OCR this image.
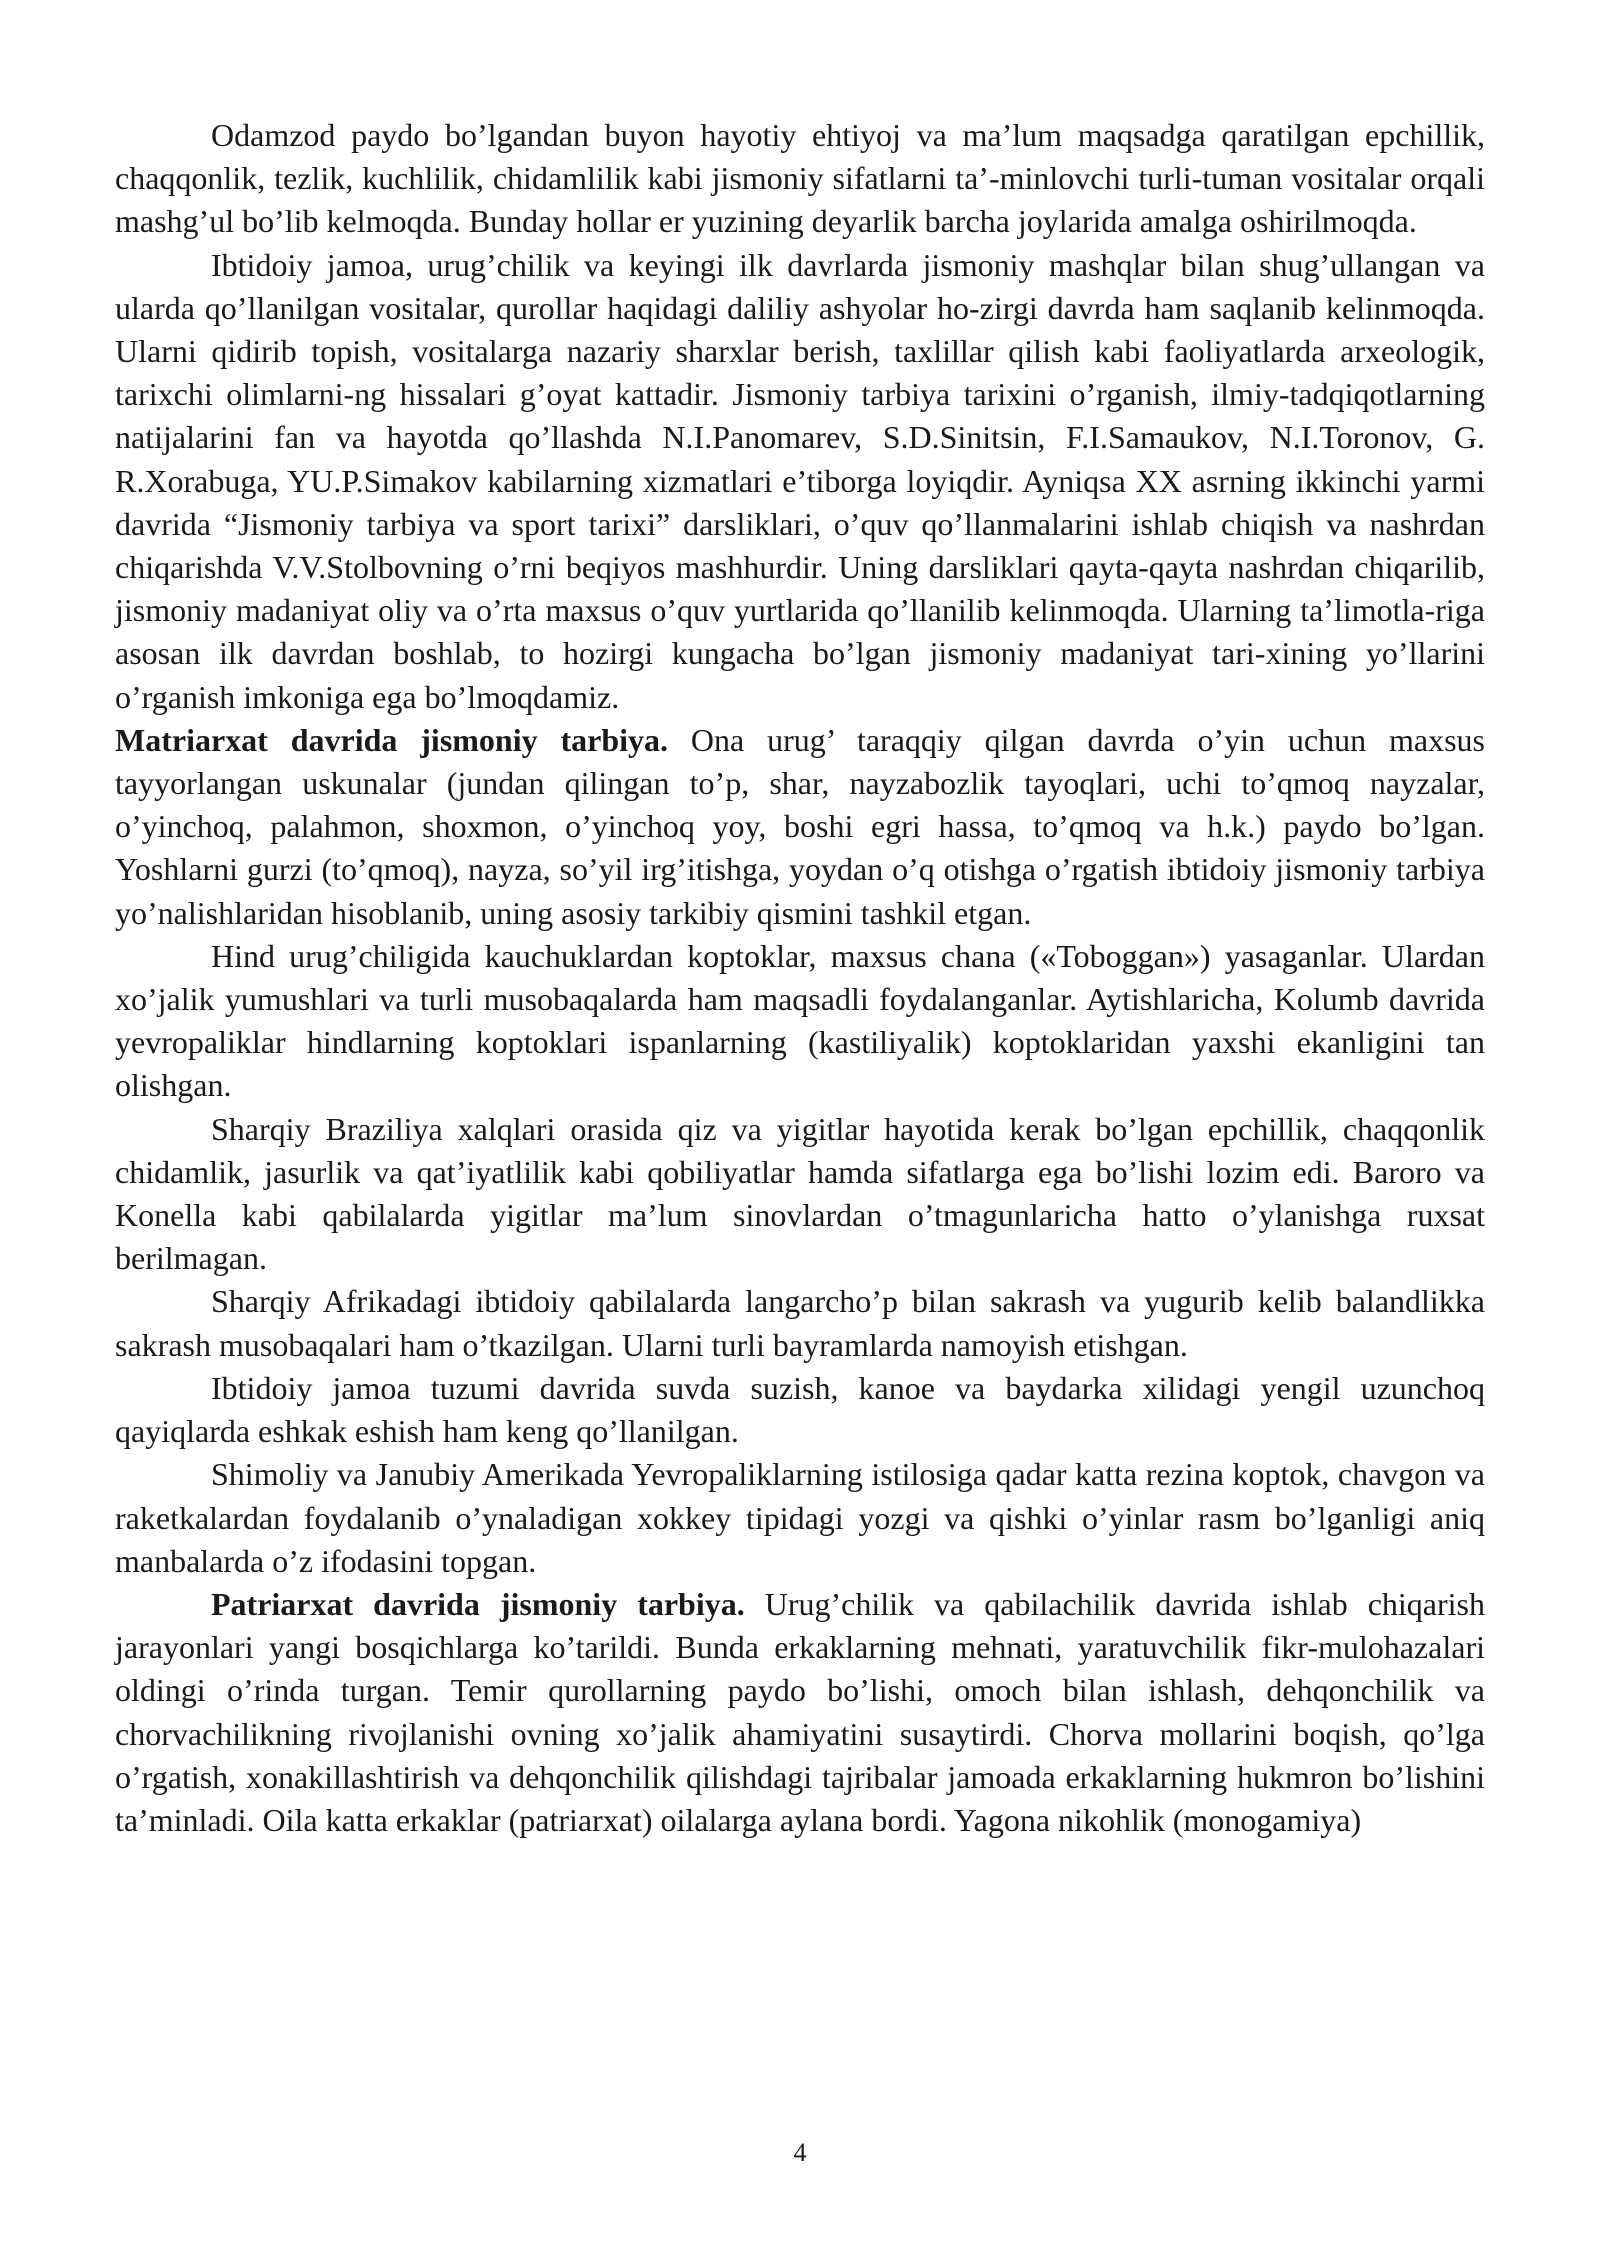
Odamzod paydo bo’lgandan buyon hayotiy ehtiyoj va ma’lum maqsadga qaratilgan epchillik, chaqqonlik, tezlik, kuchlilik, chidamlilik kabi jismoniy sifatlarni ta’-minlovchi turli-tuman vositalar orqali mashg’ul bo’lib kelmoqda. Bunday hollar er yuzining deyarlik barcha joylarida amalga oshirilmoqda.

Ibtidoiy jamoa, urug’chilik va keyingi ilk davrlarda jismoniy mashqlar bilan shug’ullangan va ularda qo’llanilgan vositalar, qurollar haqidagi daliliy ashyolar ho-zirgi davrda ham saqlanib kelinmoqda. Ularni qidirib topish, vositalarga nazariy sharxlar berish, taxlillar qilish kabi faoliyatlarda arxeologik, tarixchi olimlarni-ng hissalari g’oyat kattadir. Jismoniy tarbiya tarixini o’rganish, ilmiy-tadqiqotlarning natijalarini fan va hayotda qo’llashda N.I.Panomarev, S.D.Sinitsin, F.I.Samaukov, N.I.Toronov, G. R.Xorabuga, YU.P.Simakov kabilarning xizmatlari e’tiborga loyiqdir. Ayniqsa XX asrning ikkinchi yarmi davrida “Jismoniy tarbiya va sport tarixi” darsliklari, o’quv qo’llanmalarini ishlab chiqish va nashrdan chiqarishda V.V.Stolbovning o’rni beqiyos mashhurdir. Uning darsliklari qayta-qayta nashrdan chiqarilib, jismoniy madaniyat oliy va o’rta maxsus o’quv yurtlarida qo’llanilib kelinmoqda. Ularning ta’limotla-riga asosan ilk davrdan boshlab, to hozirgi kungacha bo’lgan jismoniy madaniyat tari-xining yo’llarini o’rganish imkoniga ega bo’lmoqdamiz.

Matriarxat davrida jismoniy tarbiya. Ona urug’ taraqqiy qilgan davrda o’yin uchun maxsus tayyorlangan uskunalar (jundan qilingan to’p, shar, nayzabozlik tayoqlari, uchi to’qmoq nayzalar, o’yinchoq, palahmon, shoxmon, o’yinchoq yoy, boshi egri hassa, to’qmoq va h.k.) paydo bo’lgan. Yoshlarni gurzi (to’qmoq), nayza, so’yil irg’itishga, yoydan o’q otishga o’rgatish ibtidoiy jismoniy tarbiya yo’nalishlaridan hisoblanib, uning asosiy tarkibiy qismini tashkil etgan.

Hind urug’chiligida kauchuklardan koptoklar, maxsus chana («Toboggan») yasaganlar. Ulardan xo’jalik yumushlari va turli musobaqalarda ham maqsadli foydalanganlar. Aytishlaricha, Kolumb davrida yevropaliklar hindlarning koptoklari ispanlarning (kastiliyalik) koptoklaridan yaxshi ekanligini tan olishgan.

Sharqiy Braziliya xalqlari orasida qiz va yigitlar hayotida kerak bo’lgan epchillik, chaqqonlik chidamlik, jasurlik va qat’iyatlilik kabi qobiliyatlar hamda sifatlarga ega bo’lishi lozim edi. Baroro va Konella kabi qabilalarda yigitlar ma’lum sinovlardan o’tmagunlaricha hatto o’ylanishga ruxsat berilmagan.

Sharqiy Afrikadagi ibtidoiy qabilalarda langarcho’p bilan sakrash va yugurib kelib balandlikka sakrash musobaqalari ham o’tkazilgan. Ularni turli bayramlarda namoyish etishgan.

Ibtidoiy jamoa tuzumi davrida suvda suzish, kanoe va baydarka xilidagi yengil uzunchoq qayiqlarda eshkak eshish ham keng qo’llanilgan.

Shimoliy va Janubiy Amerikada Yevropaliklarning istilosiga qadar katta rezina koptok, chavgon va raketkalardan foydalanib o’ynaladigan xokkey tipidagi yozgi va qishki o’yinlar rasm bo’lganligi aniq manbalarda o’z ifodasini topgan.

Patriarxat davrida jismoniy tarbiya. Urug’chilik va qabilachilik davrida ishlab chiqarish jarayonlari yangi bosqichlarga ko’tarildi. Bunda erkaklarning mehnati, yaratuvchilik fikr-mulohazalari oldingi o’rinda turgan. Temir qurollarning paydo bo’lishi, omoch bilan ishlash, dehqonchilik va chorvachilikning rivojlanishi ovning xo’jalik ahamiyatini susaytirdi. Chorva mollarini boqish, qo’lga o’rgatish, xonakillashtirish va dehqonchilik qilishdagi tajribalar jamoada erkaklarning hukmron bo’lishini ta’minladi. Oila katta erkaklar (patriarxat) oilalarga aylana bordi. Yagona nikohlik (monogamiya)

4
